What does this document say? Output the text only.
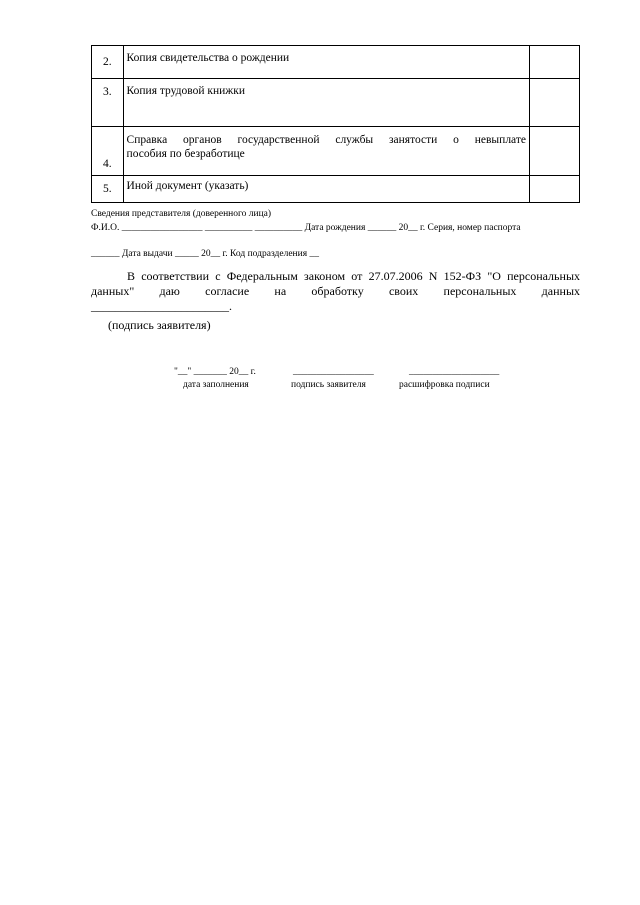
2.	Копия свидетельства о рождении	
3.	Копия трудовой книжки	
4.	Справка органов государственной службы занятости о невыплате
пособия по безработице	

5.	Иной документ (указать)	
Сведения представителя (доверенного лица)
Ф.И.О. _________________ __________ __________ Дата рождения ______ 20__ г. Серия, номер паспорта
______ Дата выдачи _____ 20__ г. Код подразделения __
В соответствии с Федеральным законом от 27.07.2006 N 152-ФЗ "О персональных
данных" даю согласие на обработку своих персональных данных
_______________________.
(подпись заявителя)
"__" _______ 20__ г.	_________________	___________________
дата заполнения	подпись заявителя	расшифровка подписи
